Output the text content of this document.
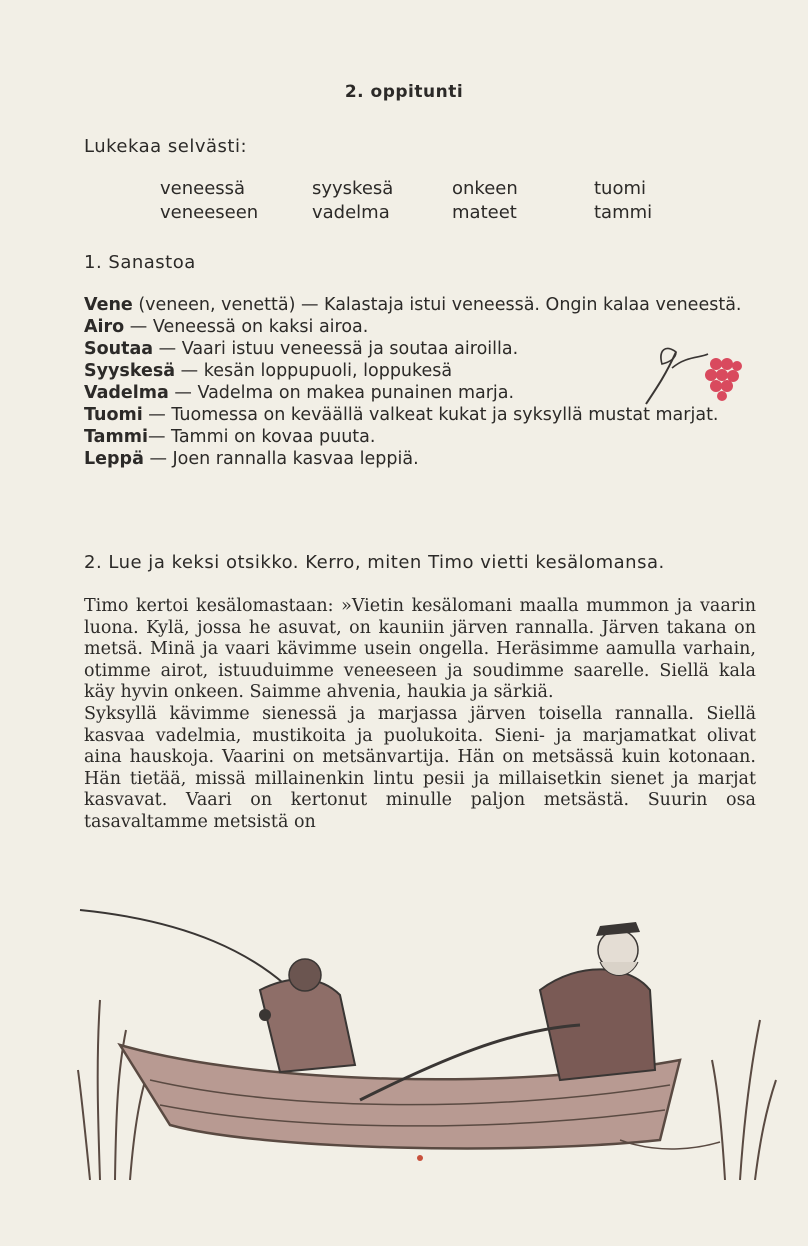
2. oppitunti
Lukekaa selvästi:
veneessä	syyskesä	onkeen	tuomi
veneeseen	vadelma	mateet	tammi
1. Sanastoa

Vene (veneen, venettä) — Kalastaja istui veneessä. Ongin kalaa veneestä.

Airo — Veneessä on kaksi airoa.

Soutaa — Vaari istuu veneessä ja soutaa airoilla.

Syyskesä — kesän loppupuoli, loppukesä

Vadelma — Vadelma on makea punainen marja.

Tuomi — Tuomessa on keväällä valkeat kukat ja syksyllä mustat marjat.

Tammi— Tammi on kovaa puuta.

Leppä — Joen rannalla kasvaa leppiä.

2. Lue ja keksi otsikko. Kerro, miten Timo vietti kesälomansa.

Timo kertoi kesälomastaan: »Vietin kesälomani maalla mummon ja vaarin luona. Kylä, jossa he asuvat, on kauniin järven rannalla. Järven takana on metsä. Minä ja vaari kävimme usein ongella. Heräsimme aamulla varhain, otimme airot, istuuduimme veneeseen ja soudimme saarelle. Siellä kala käy hyvin onkeen. Saimme ahvenia, haukia ja särkiä.

Syksyllä kävimme sienessä ja marjassa järven toisella rannalla. Siellä kasvaa vadelmia, mustikoita ja puolukoita. Sieni- ja marjamatkat olivat aina hauskoja. Vaarini on metsänvartija. Hän on metsässä kuin kotonaan. Hän tietää, missä millainenkin lintu pesii ja millaisetkin sienet ja marjat kasvavat. Vaari on kertonut minulle paljon metsästä. Suurin osa tasavaltamme metsistä on
